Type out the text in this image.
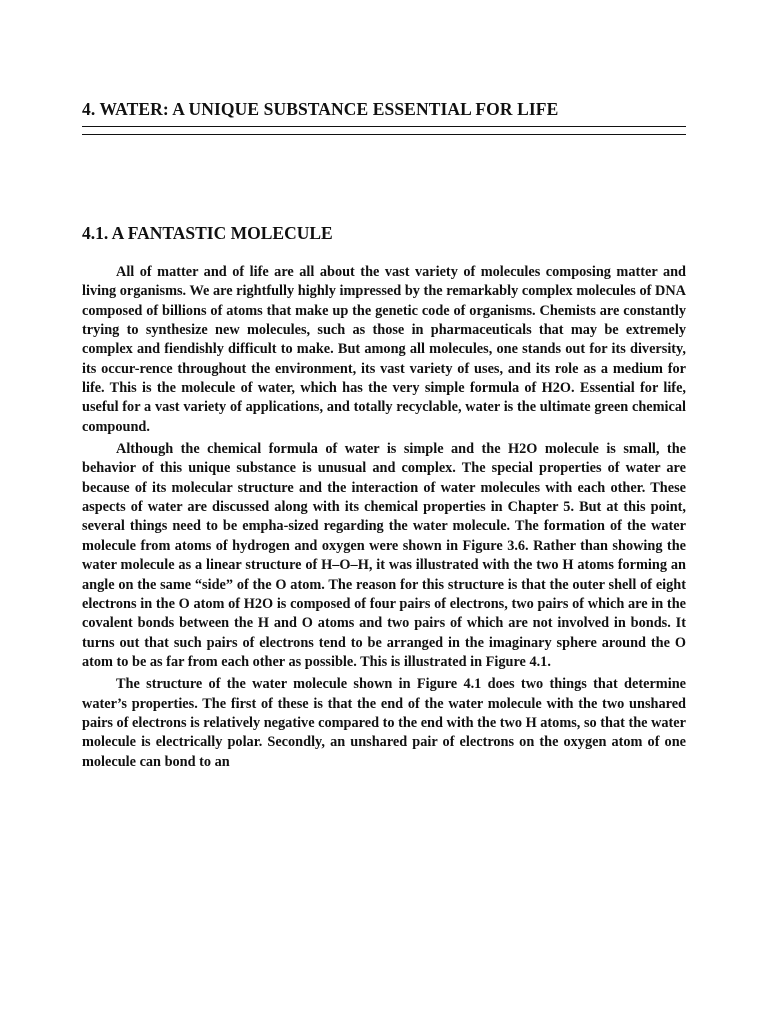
4. WATER: A UNIQUE SUBSTANCE ESSENTIAL FOR LIFE
4.1. A FANTASTIC MOLECULE

All of matter and of life are all about the vast variety of molecules composing matter and living organisms. We are rightfully highly impressed by the remarkably complex molecules of DNA composed of billions of atoms that make up the genetic code of organisms. Chemists are constantly trying to synthesize new molecules, such as those in pharmaceuticals that may be extremely complex and fiendishly difficult to make. But among all molecules, one stands out for its diversity, its occur-rence throughout the environment, its vast variety of uses, and its role as a medium for life. This is the molecule of water, which has the very simple formula of H2O. Essential for life, useful for a vast variety of applications, and totally recyclable, water is the ultimate green chemical compound.

Although the chemical formula of water is simple and the H2O molecule is small, the behavior of this unique substance is unusual and complex. The special properties of water are because of its molecular structure and the interaction of water molecules with each other. These aspects of water are discussed along with its chemical properties in Chapter 5. But at this point, several things need to be empha-sized regarding the water molecule. The formation of the water molecule from atoms of hydrogen and oxygen were shown in Figure 3.6. Rather than showing the water molecule as a linear structure of H–O–H, it was illustrated with the two H atoms forming an angle on the same “side” of the O atom. The reason for this structure is that the outer shell of eight electrons in the O atom of H2O is composed of four pairs of electrons, two pairs of which are in the covalent bonds between the H and O atoms and two pairs of which are not involved in bonds. It turns out that such pairs of electrons tend to be arranged in the imaginary sphere around the O atom to be as far from each other as possible. This is illustrated in Figure 4.1.

The structure of the water molecule shown in Figure 4.1 does two things that determine water’s properties. The first of these is that the end of the water molecule with the two unshared pairs of electrons is relatively negative compared to the end with the two H atoms, so that the water molecule is electrically polar. Secondly, an unshared pair of electrons on the oxygen atom of one molecule can bond to an
